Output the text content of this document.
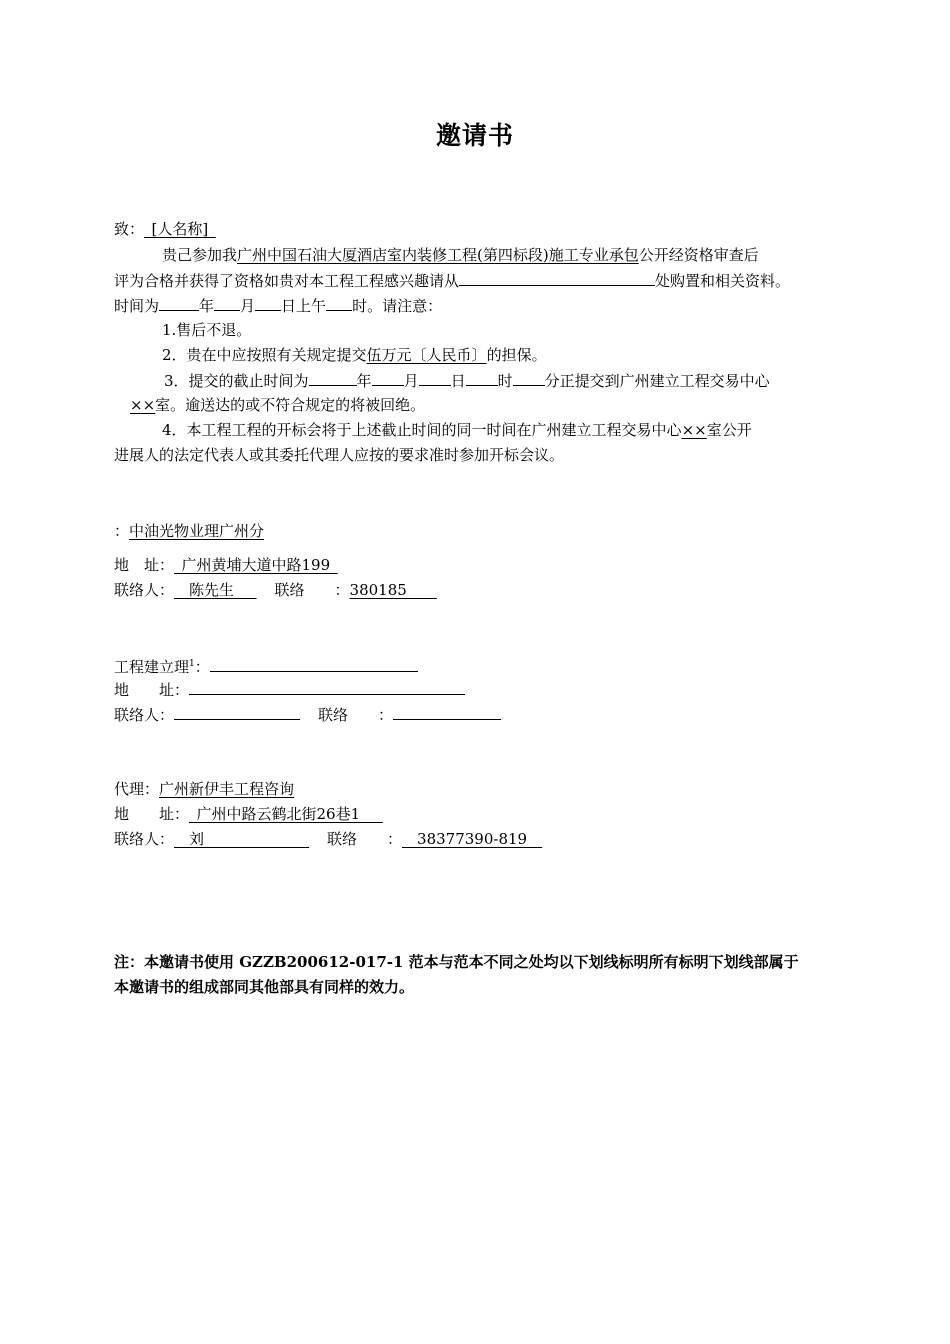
邀请书
致：_[人名称]_
贵己参加我广州中国石油大厦酒店室内装修工程(第四标段)施工专业承包公开经资格审查后
评为合格并获得了资格如贵对本工程工程感兴趣请从	处购置和相关资料。
时间为	年 月 日上午 时。请注意：
1.售后不退。
2．贵在中应按照有关规定提交伍万元〔人民币〕的担保。
3．提交的截止时间为	年 月 日 时 分正提交到广州建立工程交易中心
××室。逾送达的或不符合规定的将被回绝。
4．本工程工程的开标会将于上述截止时间的同一时间在广州建立工程交易中心××室公开
进展人的法定代表人或其委托代理人应按的要求准时参加开标会议。
：中油光物业理广州分
地　址：_广州黄埔大道中路199_
联络人：__陈先生___ 联络　　：380185____
工程建立理$^1$：
地　　址：
联络人：	联络　　：
代理：广州新伊丰工程咨询
地　　址：_广州中路云鹤北街26巷1___
联络人：__刘______________ 联络　　：__38377390-819__
注：本邀请书使用 GZZB200612-017-1 范本与范本不同之处均以下划线标明所有标明下划线部属于
本邀请书的组成部同其他部具有同样的效力。
